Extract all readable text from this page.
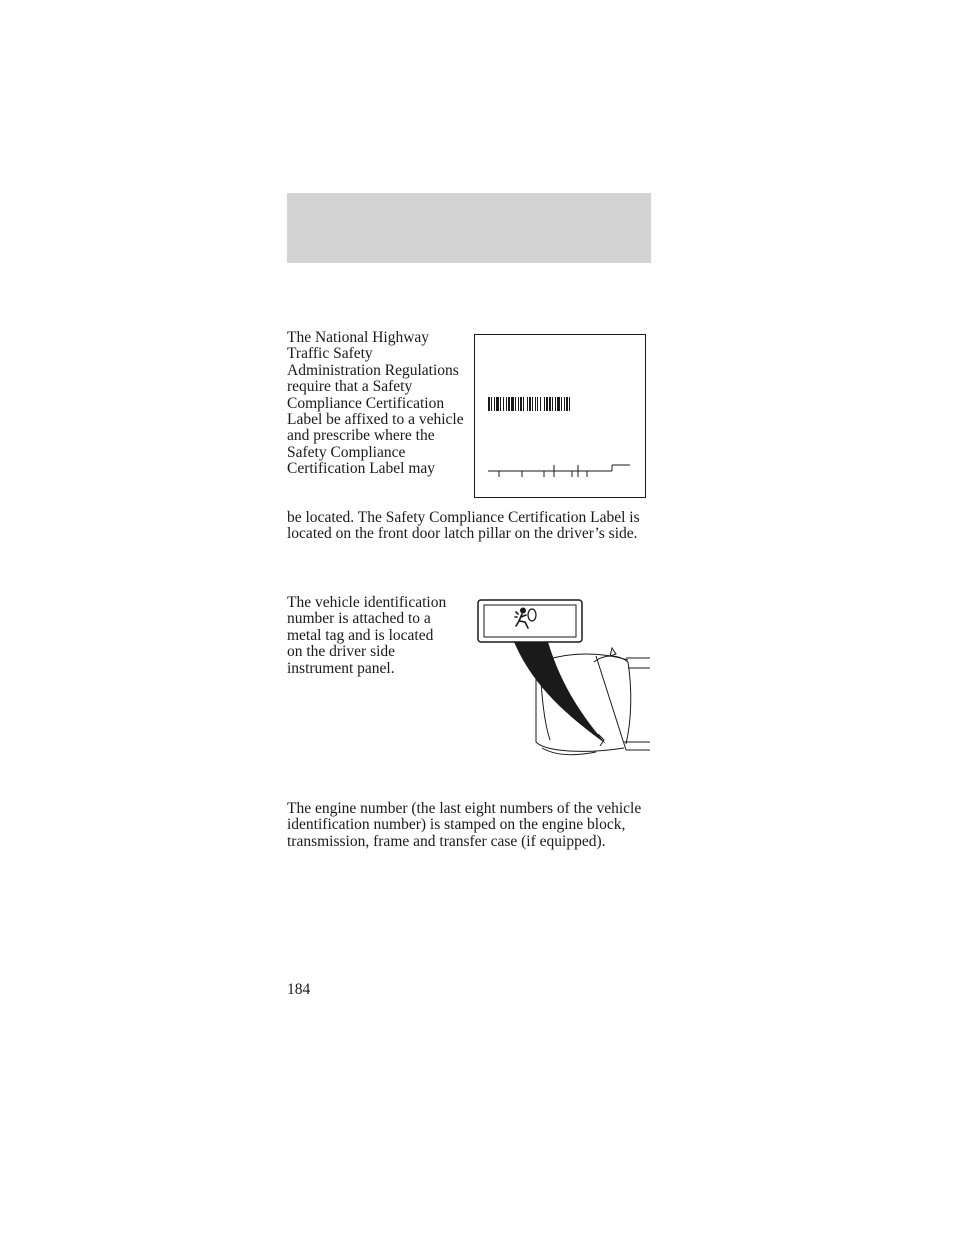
The National Highway Traffic Safety Administration Regulations require that a Safety Compliance Certification Label be affixed to a vehicle and prescribe where the Safety Compliance Certification Label may

be located. The Safety Compliance Certification Label is located on the front door latch pillar on the driver’s side.

The vehicle identification number is attached to a metal tag and is located on the driver side instrument panel.

The engine number (the last eight numbers of the vehicle identification number) is stamped on the engine block, transmission, frame and transfer case (if equipped).

184
